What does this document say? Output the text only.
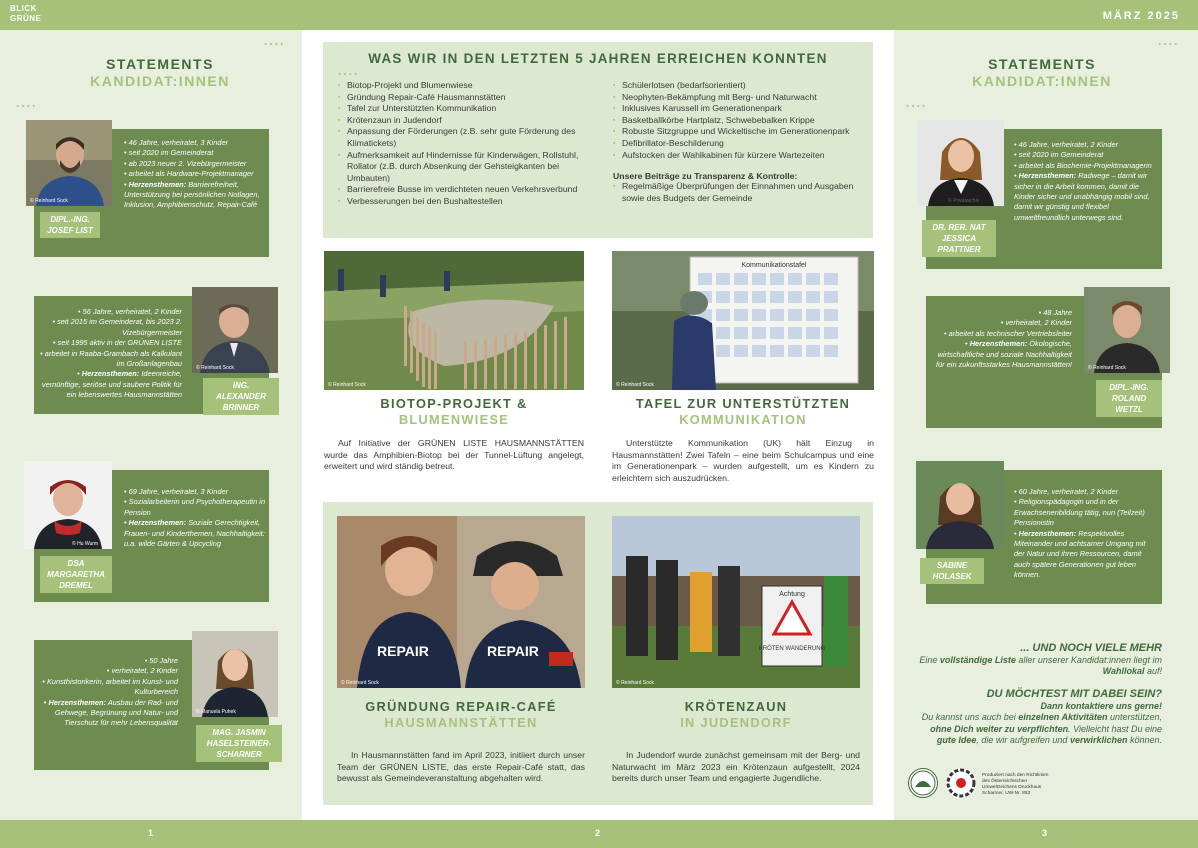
BLICK
GRÜNE	MÄRZ 2025
1	2	3
....
STATEMENTS
KANDIDAT:INNEN
....
© Reinhard Sock
DIPL.-ING.
JOSEF LIST
• 46 Jahre, verheiratet, 3 Kinder
• seit 2020 im Gemeinderat
• ab 2023 neuer 2. Vizebürgermeister
• arbeitet als Hardware-Projektmanager
• Herzensthemen: Barrierefreiheit, Unterstützung bei persönlichen Notlagen, Inklusion, Amphibienschutz, Repair-Café
© Reinhard Sock
ING.
ALEXANDER
BRINNER
• 56 Jahre, verheiratet, 2 Kinder
• seit 2015 im Gemeinderat, bis 2023 2. Vizebürgermeister
• seit 1995 aktiv in der GRÜNEN LISTE
• arbeitet in Raaba-Grambach als Kalkulant im Großanlagenbau
• Herzensthemen: Ideenreiche, vernünftige, seriöse und saubere Politik für ein lebenswertes Hausmannstätten
© Hu Wurm
DSA
MARGARETHA
DREMEL
• 69 Jahre, verheiratet, 3 Kinder
• Sozialarbeiterin und Psychotherapeutin in Pension
• Herzensthemen: Soziale Gerechtigkeit, Frauen- und Kinderthemen, Nachhaltigkeit: u.a. wilde Gärten & Upcycling
© Manuela Puhek
MAG. JASMIN
HASELSTEINER-
SCHARNER
• 50 Jahre
• verheiratet, 2 Kinder
• Kunsthistorikerin, arbeitet im Kunst- und Kulturbereich
• Herzensthemen: Ausbau der Rad- und Gehwege, Begrünung und Natur- und Tierschutz für mehr Lebensqualität
WAS WIR IN DEN LETZTEN 5 JAHREN ERREICHEN KONNTEN
....
▪ Biotop-Projekt und Blumenwiese
▪ Gründung Repair-Café Hausmannstätten
▪ Tafel zur Unterstützten Kommunikation
▪ Krötenzaun in Judendorf
▪ Anpassung der Förderungen (z.B. sehr gute Förderung des Klimatickets)
▪ Aufmerksamkeit auf Hindernisse für Kinderwägen, Rollstuhl, Rollator (z.B. durch Absenkung der Gehsteigkanten bei Umbauten)
▪ Barrierefreie Busse im verdichteten neuen Verkehrsverbund
▪ Verbesserungen bei den Bushaltestellen
▪ Schülerlotsen (bedarfsorientiert)
▪ Neophyten-Bekämpfung mit Berg- und Naturwacht
▪ Inklusives Karussell im Generationenpark
▪ Basketballkörbe Hartplatz, Schwebebalken Krippe
▪ Robuste Sitzgruppe und Wickeltische im Generationenpark
▪ Defibrillator-Beschilderung
▪ Aufstocken der Wahlkabinen für kürzere Wartezeiten
Unsere Beiträge zu Transparenz & Kontrolle:
▪ Regelmäßige Überprüfungen der Einnahmen und Ausgaben sowie des Budgets der Gemeinde
© Reinhard Sock
BIOTOP-PROJEKT &
BLUMENWIESE

Auf Initiative der GRÜNEN LISTE HAUSMANNSTÄTTEN wurde das Amphibien-Biotop bei der Tunnel-Lüftung angelegt, erweitert und wird ständig betreut.

Kommunikationstafel
© Reinhard Sock
TAFEL ZUR UNTERSTÜTZTEN
KOMMUNIKATION

Unterstützte Kommunikation (UK) hält Einzug in Hausmannstätten! Zwei Tafeln – eine beim Schulcampus und eine im Generationenpark – wurden aufgestellt, um es Kindern zu erleichtern sich auszudrücken.

REPAIR	REPAIR
© Reinhard Sock
GRÜNDUNG REPAIR-CAFÉ
HAUSMANNSTÄTTEN

In Hausmannstätten fand im April 2023, initiiert durch unser Team der GRÜNEN LISTE, das erste Repair-Café statt, das bewusst als Gemeindeveranstaltung abgehalten wird.

Achtung
KRÖTEN WANDERUNG
© Reinhard Sock
KRÖTENZAUN
IN JUDENDORF

In Judendorf wurde zunächst gemeinsam mit der Berg- und Naturwacht im März 2023 ein Krötenzaun aufgestellt, 2024 bereits durch unser Team und engagierte Jugendliche.

....
STATEMENTS
KANDIDAT:INNEN
....
© Privatarchiv
DR. RER. NAT
JESSICA
PRATTNER
• 46 Jahre, verheiratet, 2 Kinder
• seit 2020 im Gemeinderat
• arbeitet als Biochemie-Projektmanagerin
• Herzensthemen: Radwege – damit wir sicher in die Arbeit kommen, damit die Kinder sicher und unabhängig mobil sind, damit wir günstig und flexibel umweltfreundlich unterwegs sind.
© Reinhard Sock
DIPL.-ING.
ROLAND
WETZL
• 48 Jahre
• verheiratet, 2 Kinder
• arbeitet als technischer Vertriebsleiter
• Herzensthemen: Ökologische, wirtschaftliche und soziale Nachhaltigkeit für ein zukunftsstarkes Hausmannstätten!
SABINE
HOLASEK
• 60 Jahre, verheiratet, 2 Kinder
• Religionspädagogin und in der Erwachsenenbildung tätig, nun (Teilzeit) Pensionistin
• Herzensthemen: Respektvolles Miteinander und achtsamer Umgang mit der Natur und ihren Ressourcen, damit auch spätere Generationen gut leben können.
... UND NOCH VIELE MEHR
Eine vollständige Liste aller unserer Kandidat:innen liegt im Wahllokal auf!
DU MÖCHTEST MIT DABEI SEIN?
Dann kontaktiere uns gerne!
Du kannst uns auch bei einzelnen Aktivitäten unterstützen,
ohne Dich weiter zu verpflichten. Vielleicht hast Du eine
gute Idee, die wir aufgreifen und verwirklichen können.
Produziert nach den Richtlinien des Österreichischen Umweltzeichens Druckhaus Scharmer, UW-Nr. 853
